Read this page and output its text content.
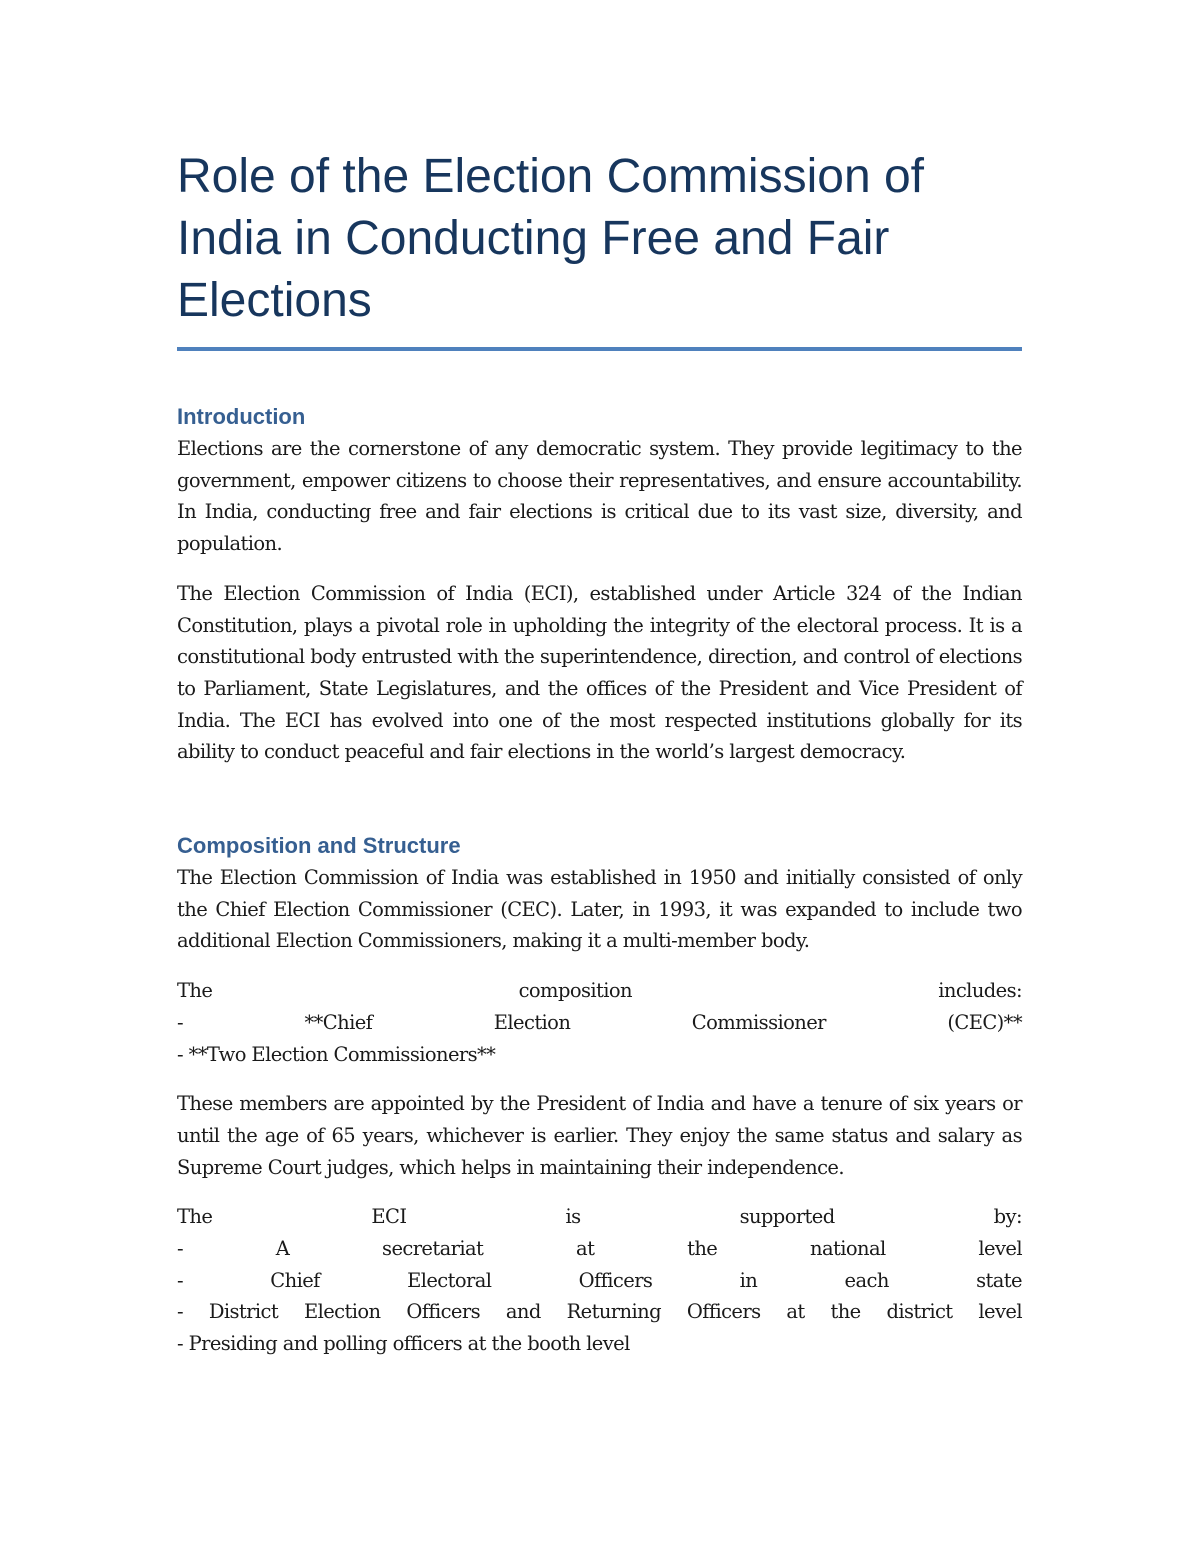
Role of the Election Commission of India in Conducting Free and Fair Elections
Introduction

Elections are the cornerstone of any democratic system. They provide legitimacy to the government, empower citizens to choose their representatives, and ensure accountability. In India, conducting free and fair elections is critical due to its vast size, diversity, and population.

The Election Commission of India (ECI), established under Article 324 of the Indian Constitution, plays a pivotal role in upholding the integrity of the electoral process. It is a constitutional body entrusted with the superintendence, direction, and control of elections to Parliament, State Legislatures, and the offices of the President and Vice President of India. The ECI has evolved into one of the most respected institutions globally for its ability to conduct peaceful and fair elections in the world’s largest democracy.

Composition and Structure

The Election Commission of India was established in 1950 and initially consisted of only the Chief Election Commissioner (CEC). Later, in 1993, it was expanded to include two additional Election Commissioners, making it a multi-member body.

The	composition	includes:
-	**Chief	Election	Commissioner	(CEC)**
- **Two Election Commissioners**

These members are appointed by the President of India and have a tenure of six years or until the age of 65 years, whichever is earlier. They enjoy the same status and salary as Supreme Court judges, which helps in maintaining their independence.

The	ECI	is	supported	by:
-	A	secretariat	at	the	national	level
-	Chief	Electoral	Officers	in	each	state
- District Election Officers and Returning Officers at the district level
- Presiding and polling officers at the booth level
